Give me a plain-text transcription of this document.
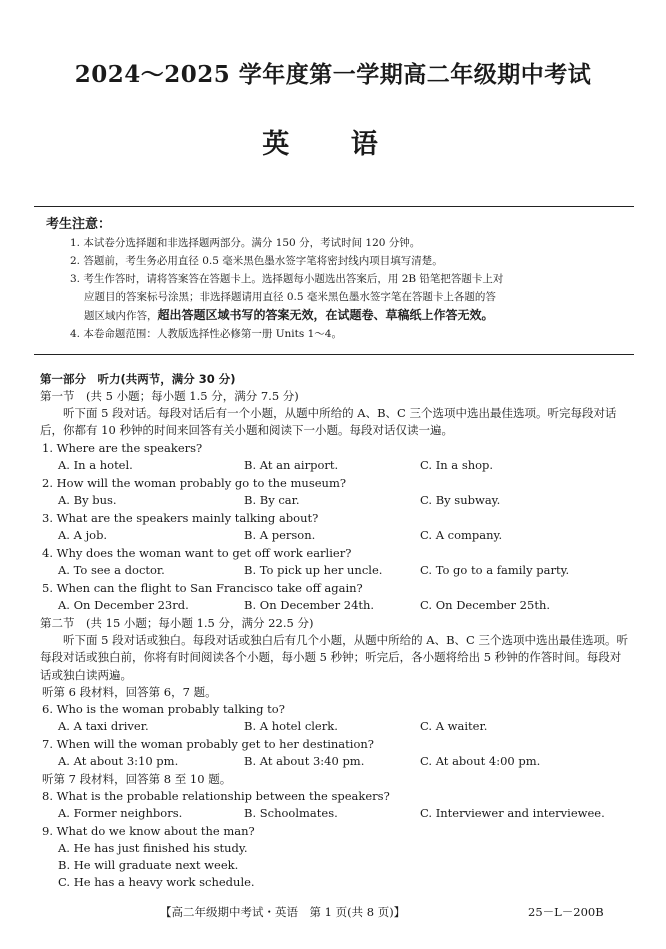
2024～2025 学年度第一学期高二年级期中考试
英 语
考生注意：
1. 本试卷分选择题和非选择题两部分。满分 150 分，考试时间 120 分钟。
2. 答题前，考生务必用直径 0.5 毫米黑色墨水签字笔将密封线内项目填写清楚。
3. 考生作答时，请将答案答在答题卡上。选择题每小题选出答案后，用 2B 铅笔把答题卡上对
应题目的答案标号涂黑；非选择题请用直径 0.5 毫米黑色墨水签字笔在答题卡上各题的答
题区域内作答，超出答题区域书写的答案无效，在试题卷、草稿纸上作答无效。
4. 本卷命题范围：人教版选择性必修第一册 Units 1～4。
第一部分　听力(共两节，满分 30 分)
第一节　(共 5 小题；每小题 1.5 分，满分 7.5 分)
听下面 5 段对话。每段对话后有一个小题，从题中所给的 A、B、C 三个选项中选出最佳选项。听完每段对话后，你都有 10 秒钟的时间来回答有关小题和阅读下一小题。每段对话仅读一遍。
1. Where are the speakers?
A. In a hotel.	B. At an airport.	C. In a shop.
2. How will the woman probably go to the museum?
A. By bus.	B. By car.	C. By subway.
3. What are the speakers mainly talking about?
A. A job.	B. A person.	C. A company.
4. Why does the woman want to get off work earlier?
A. To see a doctor.	B. To pick up her uncle.	C. To go to a family party.
5. When can the flight to San Francisco take off again?
A. On December 23rd.	B. On December 24th.	C. On December 25th.
第二节　(共 15 小题；每小题 1.5 分，满分 22.5 分)
听下面 5 段对话或独白。每段对话或独白后有几个小题，从题中所给的 A、B、C 三个选项中选出最佳选项。听每段对话或独白前，你将有时间阅读各个小题，每小题 5 秒钟；听完后，各小题将给出 5 秒钟的作答时间。每段对话或独白读两遍。
听第 6 段材料，回答第 6，7 题。
6. Who is the woman probably talking to?
A. A taxi driver.	B. A hotel clerk.	C. A waiter.
7. When will the woman probably get to her destination?
A. At about 3:10 pm.	B. At about 3:40 pm.	C. At about 4:00 pm.
听第 7 段材料，回答第 8 至 10 题。
8. What is the probable relationship between the speakers?
A. Former neighbors.	B. Schoolmates.	C. Interviewer and interviewee.
9. What do we know about the man?
A. He has just finished his study.
B. He will graduate next week.
C. He has a heavy work schedule.
【高二年级期中考试・英语　第 1 页(共 8 页)】	25－L－200B
